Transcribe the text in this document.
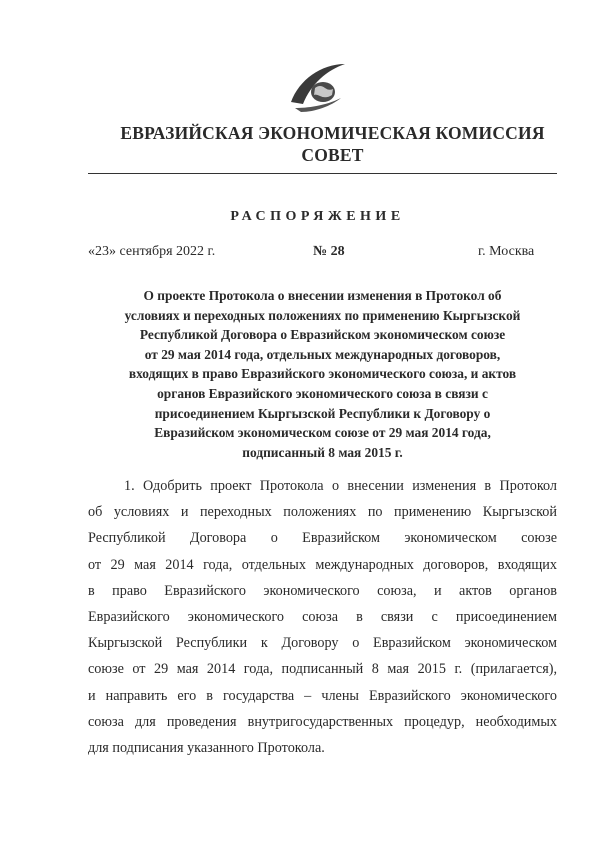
ЕВРАЗИЙСКАЯ ЭКОНОМИЧЕСКАЯ КОМИССИЯ
СОВЕТ
РАСПОРЯЖЕНИЕ
«23» сентября 2022 г.	№ 28	г. Москва
О проекте Протокола о внесении изменения в Протокол об
условиях и переходных положениях по применению Кыргызской
Республикой Договора о Евразийском экономическом союзе
от 29 мая 2014 года, отдельных международных договоров,
входящих в право Евразийского экономического союза, и актов
органов Евразийского экономического союза в связи с
присоединением Кыргызской Республики к Договору о
Евразийском экономическом союзе от 29 мая 2014 года,
подписанный 8 мая 2015 г.
1. Одобрить проект Протокола о внесении изменения в Протокол
об условиях и переходных положениях по применению Кыргызской
Республикой Договора о Евразийском экономическом союзе
от 29 мая 2014 года, отдельных международных договоров, входящих
в право Евразийского экономического союза, и актов органов
Евразийского экономического союза в связи с присоединением
Кыргызской Республики к Договору о Евразийском экономическом
союзе от 29 мая 2014 года, подписанный 8 мая 2015 г. (прилагается),
и направить его в государства – члены Евразийского экономического
союза для проведения внутригосударственных процедур, необходимых
для подписания указанного Протокола.
